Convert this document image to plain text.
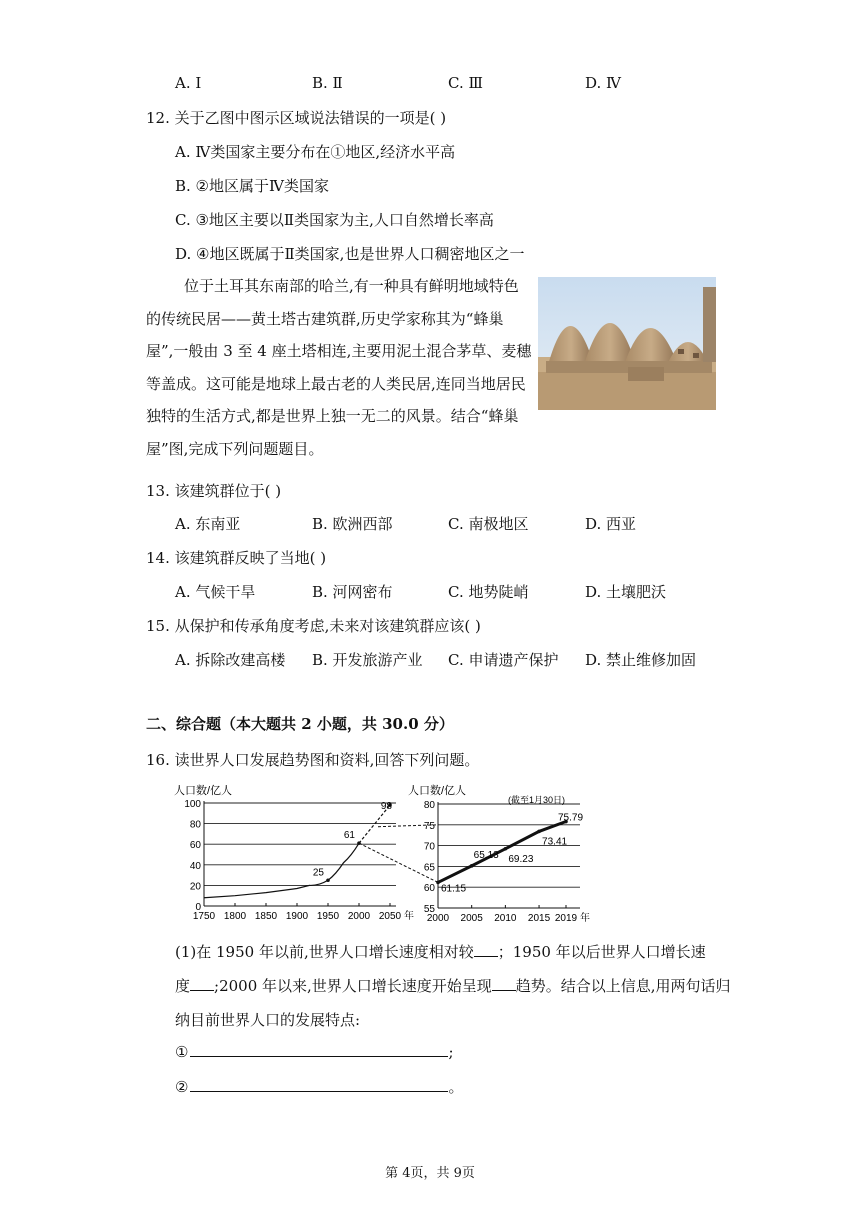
A. Ⅰ	B. Ⅱ	C. Ⅲ	D. Ⅳ
12. 关于乙图中图示区域说法错误的一项是( )
A. Ⅳ类国家主要分布在①地区,经济水平高
B. ②地区属于Ⅳ类国家
C. ③地区主要以Ⅱ类国家为主,人口自然增长率高
D. ④地区既属于Ⅱ类国家,也是世界人口稠密地区之一
位于土耳其东南部的哈兰,有一种具有鲜明地域特色
的传统民居——黄土塔古建筑群,历史学家称其为“蜂巢
屋”,一般由 3 至 4 座土塔相连,主要用泥土混合茅草、麦穗
等盖成。这可能是地球上最古老的人类民居,连同当地居民
独特的生活方式,都是世界上独一无二的风景。结合“蜂巢
屋”图,完成下列问题题目。
13. 该建筑群位于( )
A. 东南亚	B. 欧洲西部	C. 南极地区	D. 西亚
14. 该建筑群反映了当地( )
A. 气候干旱	B. 河网密布	C. 地势陡峭	D. 土壤肥沃
15. 从保护和传承角度考虑,未来对该建筑群应该( )
A. 拆除改建高楼 B. 开发旅游产业 C. 申请遗产保护 D. 禁止维修加固
二、综合题（本大题共 2 小题，共 30.0 分）
16. 读世界人口发展趋势图和资料,回答下列问题。
人口数/亿人
0
20
40
60
80
100
1750 1800 1850 1900 1950 2000 2050 年
25
61
98
人口数/亿人
55
60
65
70
75
80
2000 2005 2010 2015 2019 年
61.15
65.13 69.23
73.41
75.79
(截至1月30日)
(1)在 1950 年以前,世界人口增长速度相对较 ；1950 年以后世界人口增长速
度 ;2000 年以来,世界人口增长速度开始呈现 趋势。结合以上信息,用两句话归
纳目前世界人口的发展特点:
①	;
②	。
第 4页，共 9页
